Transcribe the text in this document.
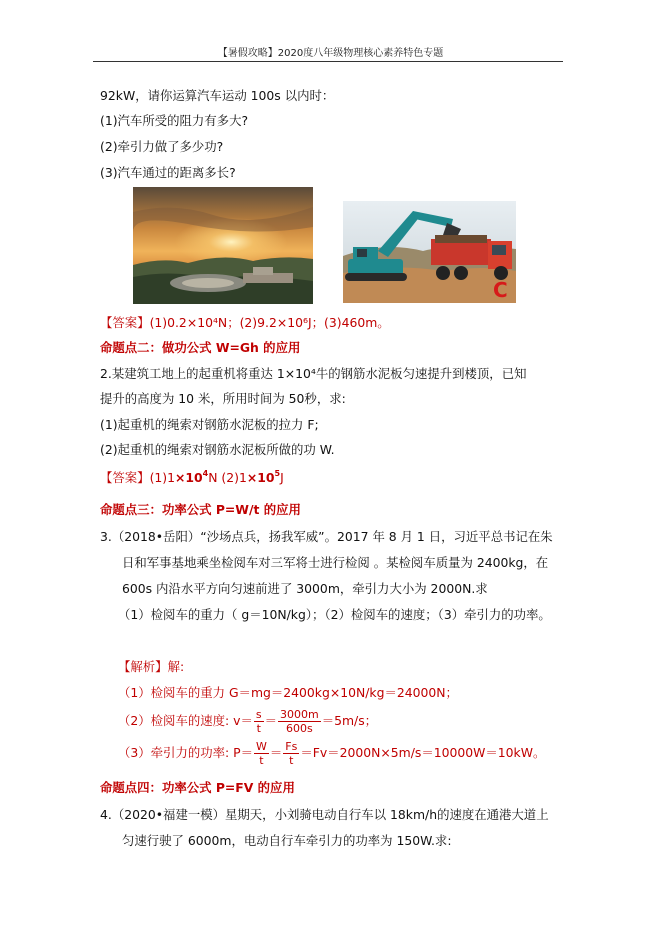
【暑假攻略】2020度八年级物理核心素养特色专题
92kW，请你运算汽车运动 100s 以内时：
(1)汽车所受的阻力有多大?
(2)牵引力做了多少功?
(3)汽车通过的距离多长?
C
【答案】(1)0.2×10⁴N；(2)9.2×10⁶J；(3)460m。
命题点二：做功公式 W=Gh 的应用
2.某建筑工地上的起重机将重达 1×10⁴牛的钢筋水泥板匀速提升到楼顶，已知
提升的高度为 10 米，所用时间为 50秒，求:
(1)起重机的绳索对钢筋水泥板的拉力 F;
(2)起重机的绳索对钢筋水泥板所做的功 W.
【答案】$(1)1\times 10^4N$ $(2)1\times 10^5J$
命题点三：功率公式 P=W/t 的应用
3.（2018•岳阳）“沙场点兵，扬我军威”。2017 年 8 月 1 日，习近平总书记在朱
日和军事基地乘坐检阅车对三军将士进行检阅 。某检阅车质量为 2400kg，在
600s 内沿水平方向匀速前进了 3000m，牵引力大小为 2000N.求
（1）检阅车的重力（ g＝10N/kg）；（2）检阅车的速度；（3）牵引力的功率。
【解析】解:
（1）检阅车的重力 G＝mg＝2400kg×10N/kg＝24000N；
（2）检阅车的速度: $v= \frac{s}{t} = \frac{3000m}{600s} =5m/s$；
（3）牵引力的功率: $P= \frac{W}{t} = \frac{Fs}{t} =Fv=2000N\times 5m/s=10000W=10kW$。
命题点四：功率公式 P=FV 的应用
4.（2020•福建一模）星期天，小刘骑电动自行车以 18km/h的速度在通港大道上
匀速行驶了 6000m，电动自行车牵引力的功率为 150W.求:
